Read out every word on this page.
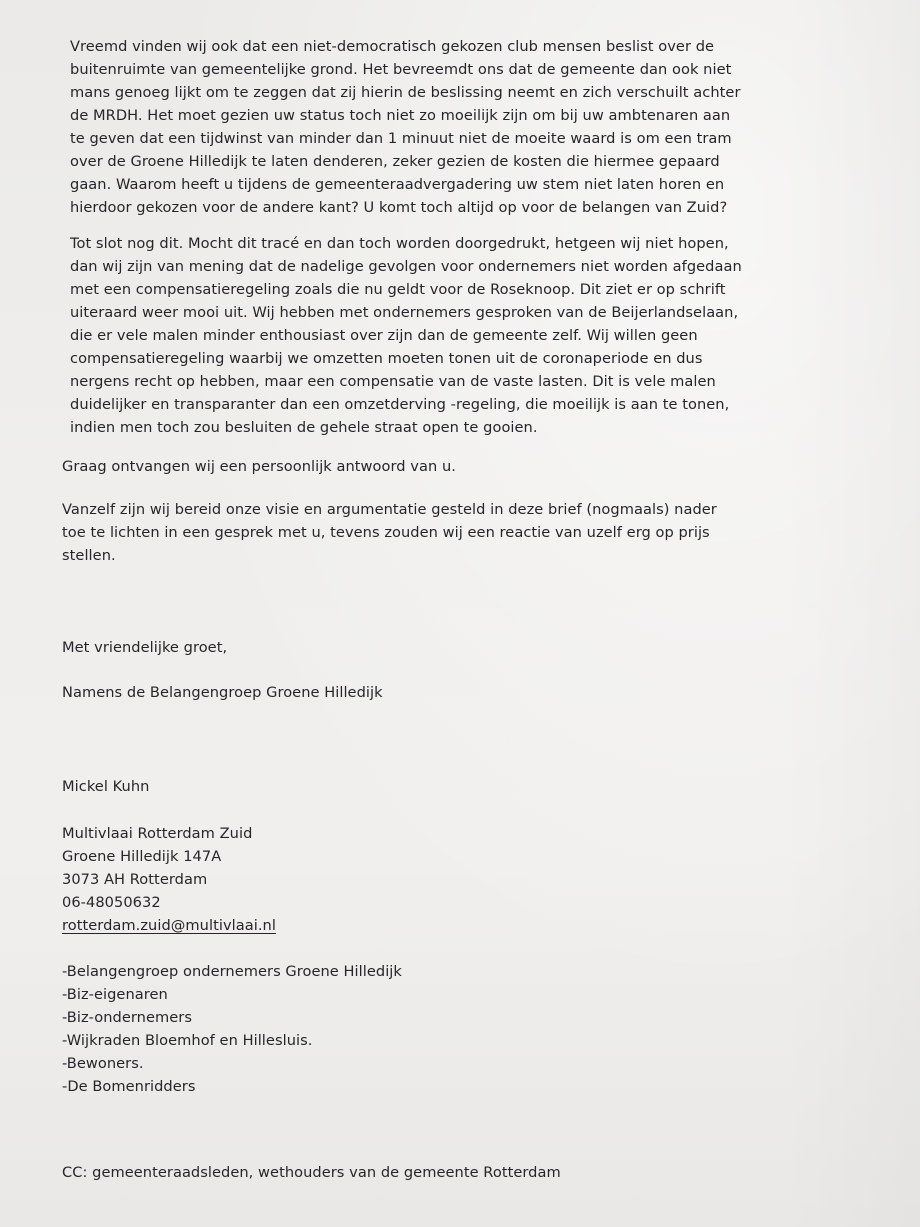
Vreemd vinden wij ook dat een niet-democratisch gekozen club mensen beslist over de
buitenruimte van gemeentelijke grond. Het bevreemdt ons dat de gemeente dan ook niet
mans genoeg lijkt om te zeggen dat zij hierin de beslissing neemt en zich verschuilt achter
de MRDH. Het moet gezien uw status toch niet zo moeilijk zijn om bij uw ambtenaren aan
te geven dat een tijdwinst van minder dan 1 minuut niet de moeite waard is om een tram
over de Groene Hilledijk te laten denderen, zeker gezien de kosten die hiermee gepaard
gaan. Waarom heeft u tijdens de gemeenteraadvergadering uw stem niet laten horen en
hierdoor gekozen voor de andere kant? U komt toch altijd op voor de belangen van Zuid?
Tot slot nog dit. Mocht dit tracé en dan toch worden doorgedrukt, hetgeen wij niet hopen,
dan wij zijn van mening dat de nadelige gevolgen voor ondernemers niet worden afgedaan
met een compensatieregeling zoals die nu geldt voor de Roseknoop. Dit ziet er op schrift
uiteraard weer mooi uit. Wij hebben met ondernemers gesproken van de Beijerlandselaan,
die er vele malen minder enthousiast over zijn dan de gemeente zelf. Wij willen geen
compensatieregeling waarbij we omzetten moeten tonen uit de coronaperiode en dus
nergens recht op hebben, maar een compensatie van de vaste lasten. Dit is vele malen
duidelijker en transparanter dan een omzetderving -regeling, die moeilijk is aan te tonen,
indien men toch zou besluiten de gehele straat open te gooien.
Graag ontvangen wij een persoonlijk antwoord van u.
Vanzelf zijn wij bereid onze visie en argumentatie gesteld in deze brief (nogmaals) nader
toe te lichten in een gesprek met u, tevens zouden wij een reactie van uzelf erg op prijs
stellen.
Met vriendelijke groet,
Namens de Belangengroep Groene Hilledijk
Mickel Kuhn
Multivlaai Rotterdam Zuid
Groene Hilledijk 147A
3073 AH Rotterdam
06-48050632
rotterdam.zuid@multivlaai.nl
-Belangengroep ondernemers Groene Hilledijk
-Biz-eigenaren
-Biz-ondernemers
-Wijkraden Bloemhof en Hillesluis.
-Bewoners.
-De Bomenridders
CC: gemeenteraadsleden, wethouders van de gemeente Rotterdam
